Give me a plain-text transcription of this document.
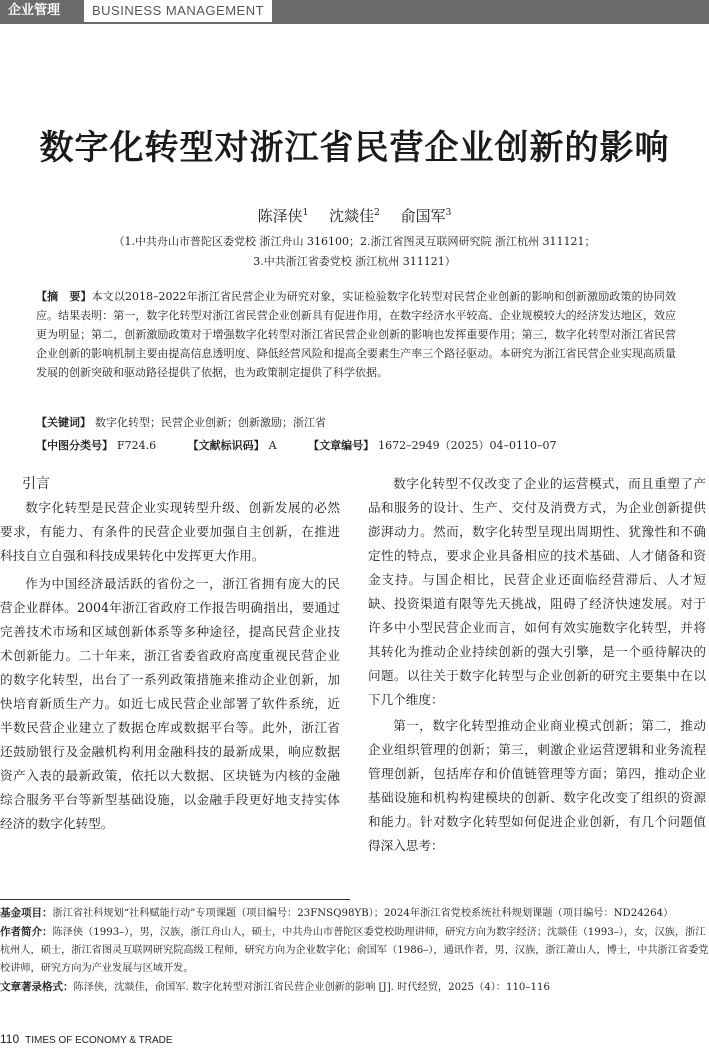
企业管理	BUSINESS MANAGEMENT
数字化转型对浙江省民营企业创新的影响
陈泽侠$^1$ 沈燚佳$^2$ 俞国军$^3$
（1.中共舟山市普陀区委党校 浙江舟山 316100；2.浙江省图灵互联网研究院 浙江杭州 311121；
3.中共浙江省委党校 浙江杭州 311121）
【摘　要】本文以2018–2022年浙江省民营企业为研究对象，实证检验数字化转型对民营企业创新的影响和创新激励政策的协同效应。结果表明：第一，数字化转型对浙江省民营企业创新具有促进作用，在数字经济水平较高、企业规模较大的经济发达地区，效应更为明显；第二，创新激励政策对于增强数字化转型对浙江省民营企业创新的影响也发挥重要作用；第三，数字化转型对浙江省民营企业创新的影响机制主要由提高信息透明度、降低经营风险和提高全要素生产率三个路径驱动。本研究为浙江省民营企业实现高质量发展的创新突破和驱动路径提供了依据，也为政策制定提供了科学依据。
【关键词】 数字化转型；民营企业创新；创新激励；浙江省
【中图分类号】 F724.6	【文献标识码】 A	【文章编号】 1672–2949（2025）04–0110–07
引言

数字化转型是民营企业实现转型升级、创新发展的必然要求，有能力、有条件的民营企业要加强自主创新，在推进科技自立自强和科技成果转化中发挥更大作用。

作为中国经济最活跃的省份之一，浙江省拥有庞大的民营企业群体。2004年浙江省政府工作报告明确指出，要通过完善技术市场和区域创新体系等多种途径，提高民营企业技术创新能力。二十年来，浙江省委省政府高度重视民营企业的数字化转型，出台了一系列政策措施来推动企业创新，加快培育新质生产力。如近七成民营企业部署了软件系统，近半数民营企业建立了数据仓库或数据平台等。此外，浙江省还鼓励银行及金融机构利用金融科技的最新成果，响应数据资产入表的最新政策，依托以大数据、区块链为内核的金融综合服务平台等新型基础设施，以金融手段更好地支持实体经济的数字化转型。

数字化转型不仅改变了企业的运营模式，而且重塑了产品和服务的设计、生产、交付及消费方式，为企业创新提供澎湃动力。然而，数字化转型呈现出周期性、犹豫性和不确定性的特点，要求企业具备相应的技术基础、人才储备和资金支持。与国企相比，民营企业还面临经营滞后、人才短缺、投资渠道有限等先天挑战，阻碍了经济快速发展。对于许多中小型民营企业而言，如何有效实施数字化转型，并将其转化为推动企业持续创新的强大引擎，是一个亟待解决的问题。以往关于数字化转型与企业创新的研究主要集中在以下几个维度：

第一，数字化转型推动企业商业模式创新；第二，推动企业组织管理的创新；第三，刺激企业运营逻辑和业务流程管理创新，包括库存和价值链管理等方面；第四，推动企业基础设施和机构构建模块的创新、数字化改变了组织的资源和能力。针对数字化转型如何促进企业创新，有几个问题值得深入思考：

基金项目：浙江省社科规划“社科赋能行动”专项课题（项目编号：23FNSQ98YB）；2024年浙江省党校系统社科规划课题（项目编号：ND24264）

作者简介：陈泽侠（1993–），男，汉族，浙江舟山人，硕士，中共舟山市普陀区委党校助理讲师，研究方向为数字经济；沈燚佳（1993–），女，汉族，浙江杭州人，硕士，浙江省图灵互联网研究院高级工程师，研究方向为企业数字化；俞国军（1986–），通讯作者，男，汉族，浙江萧山人，博士，中共浙江省委党校讲师，研究方向为产业发展与区域开发。

文章著录格式：陈泽侠，沈燚佳，俞国军. 数字化转型对浙江省民营企业创新的影响 [J]. 时代经贸，2025（4）：110–116

110 TIMES OF ECONOMY & TRADE
